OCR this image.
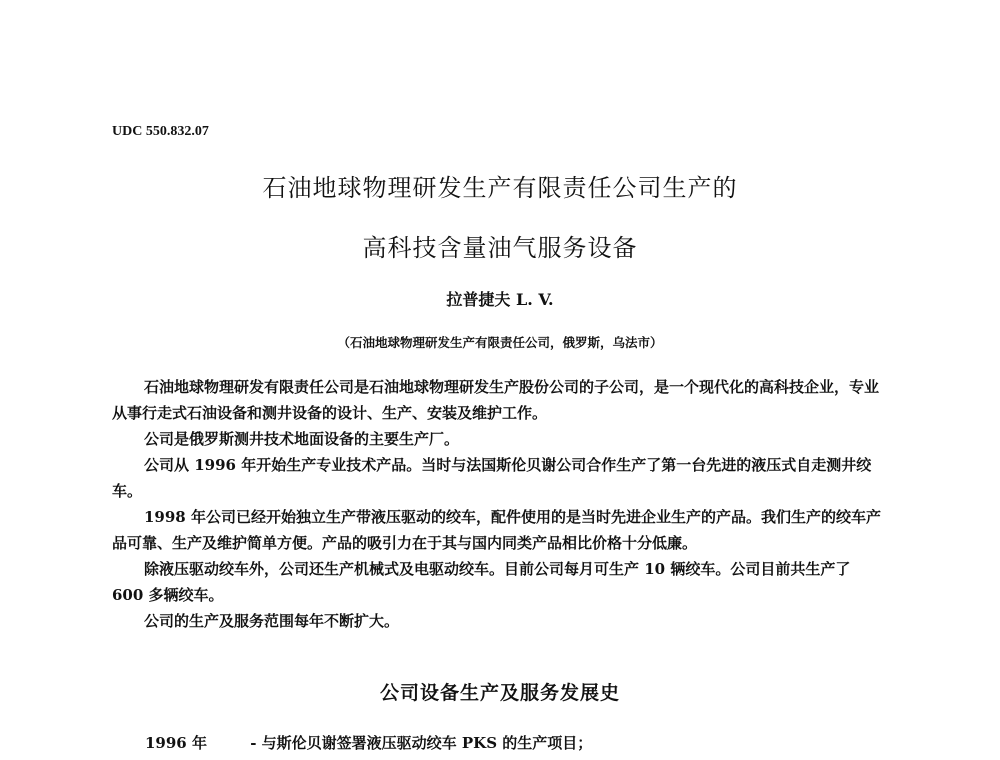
UDC 550.832.07
石油地球物理研发生产有限责任公司生产的
高科技含量油气服务设备
拉普捷夫 L. V.
（石油地球物理研发生产有限责任公司，俄罗斯，乌法市）

石油地球物理研发有限责任公司是石油地球物理研发生产股份公司的子公司，是一个现代化的高科技企业，专业从事行走式石油设备和测井设备的设计、生产、安装及维护工作。

公司是俄罗斯测井技术地面设备的主要生产厂。

公司从 1996 年开始生产专业技术产品。当时与法国斯伦贝谢公司合作生产了第一台先进的液压式自走测井绞车。

1998 年公司已经开始独立生产带液压驱动的绞车，配件使用的是当时先进企业生产的产品。我们生产的绞车产品可靠、生产及维护简单方便。产品的吸引力在于其与国内同类产品相比价格十分低廉。

除液压驱动绞车外，公司还生产机械式及电驱动绞车。目前公司每月可生产 10 辆绞车。公司目前共生产了 600 多辆绞车。

公司的生产及服务范围每年不断扩大。

公司设备生产及服务发展史
1996 年	- 与斯伦贝谢签署液压驱动绞车 PKS 的生产项目；
